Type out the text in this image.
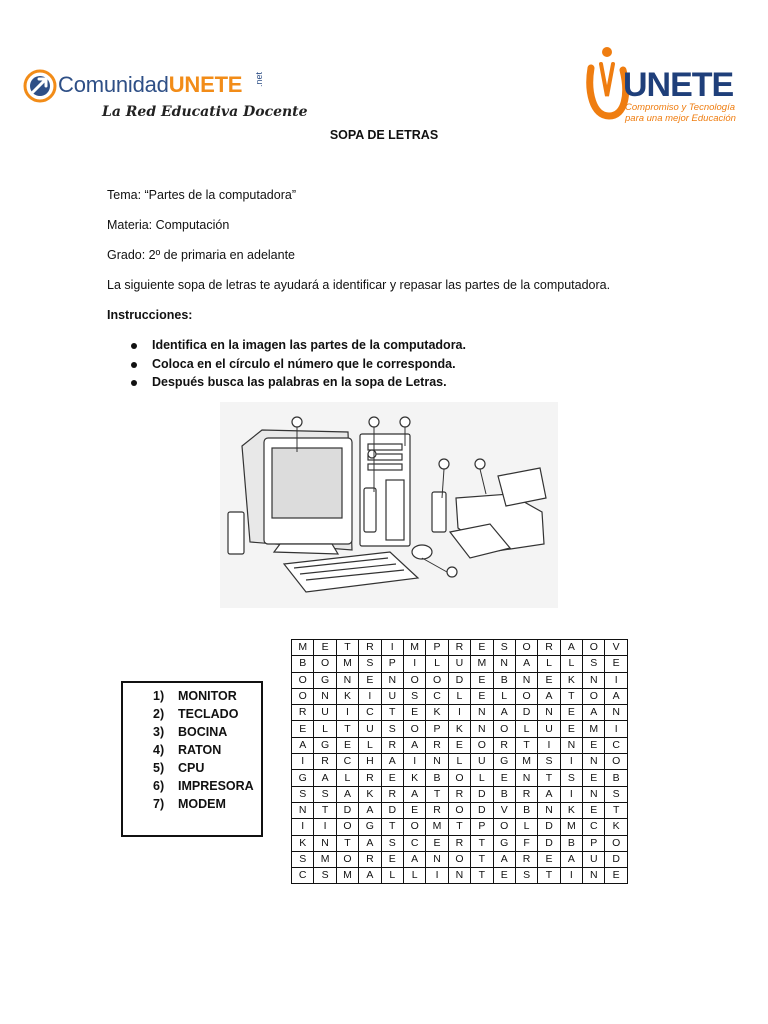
ComunidadUNETE .net
La Red Educativa Docente
UNETE
Compromiso y Tecnología
para una mejor Educación
SOPA DE LETRAS
Tema: “Partes de la computadora”
Materia: Computación
Grado: 2º de primaria en adelante
La siguiente sopa de letras te ayudará a identificar y repasar las partes de la computadora.
Instrucciones:
Identifica en la imagen las partes de la computadora.
Coloca en el círculo el número que le corresponda.
Después busca las palabras en la sopa de Letras.
1) MONITOR
2) TECLADO
3) BOCINA
4) RATON
5) CPU
6) IMPRESORA
7) MODEM
M	E	T	R	I	M	P	R	E	S	O	R	A	O	V
B	O	M	S	P	I	L	U	M	N	A	L	L	S	E
O	G	N	E	N	O	O	D	E	B	N	E	K	N	I
O	N	K	I	U	S	C	L	E	L	O	A	T	O	A
R	U	I	C	T	E	K	I	N	A	D	N	E	A	N
E	L	T	U	S	O	P	K	N	O	L	U	E	M	I
A	G	E	L	R	A	R	E	O	R	T	I	N	E	C
I	R	C	H	A	I	N	L	U	G	M	S	I	N	O
G	A	L	R	E	K	B	O	L	E	N	T	S	E	B
S	S	A	K	R	A	T	R	D	B	R	A	I	N	S
N	T	D	A	D	E	R	O	D	V	B	N	K	E	T
I	I	O	G	T	O	M	T	P	O	L	D	M	C	K
K	N	T	A	S	C	E	R	T	G	F	D	B	P	O
S	M	O	R	E	A	N	O	T	A	R	E	A	U	D
C	S	M	A	L	L	I	N	T	E	S	T	I	N	E
